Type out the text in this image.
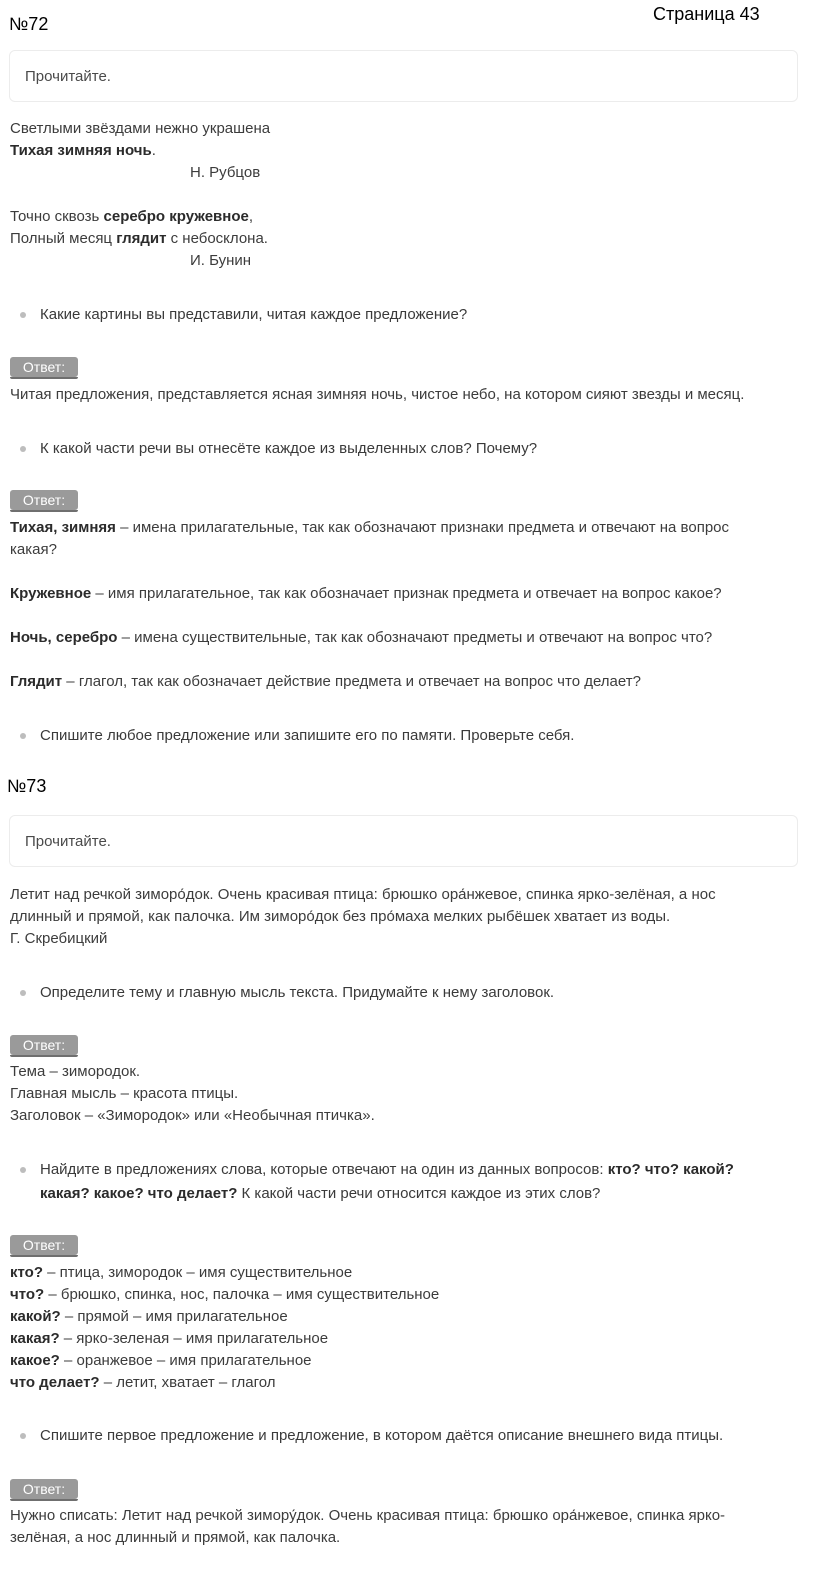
№72	Страница 43
Прочитайте.
Светлыми звёздами нежно украшена
Тихая зимняя ночь.
Н. Рубцов
Точно сквозь серебро кружевное,
Полный месяц глядит с небосклона.
И. Бунин
Какие картины вы представили, читая каждое предложение?
Ответ:
Читая предложения, представляется ясная зимняя ночь, чистое небо, на котором сияют звезды и месяц.
К какой части речи вы отнесёте каждое из выделенных слов? Почему?
Ответ:
Тихая, зимняя – имена прилагательные, так как обозначают признаки предмета и отвечают на вопрос
какая?
Кружевное – имя прилагательное, так как обозначает признак предмета и отвечает на вопрос какое?
Ночь, серебро – имена существительные, так как обозначают предметы и отвечают на вопрос что?
Глядит – глагол, так как обозначает действие предмета и отвечает на вопрос что делает?
Спишите любое предложение или запишите его по памяти. Проверьте себя.
№73
Прочитайте.
Летит над речкой зиморо́док. Очень красивая птица: брюшко ора́нжевое, спинка ярко-зелёная, а нос
длинный и прямой, как палочка. Им зиморо́док без про́маха мелких рыбёшек хватает из воды.
Г. Скребицкий
Определите тему и главную мысль текста. Придумайте к нему заголовок.
Ответ:
Тема – зимородок.
Главная мысль – красота птицы.
Заголовок – «Зимородок» или «Необычная птичка».
Найдите в предложениях слова, которые отвечают на один из данных вопросов: кто? что? какой?
какая? какое? что делает? К какой части речи относится каждое из этих слов?
Ответ:
кто? – птица, зимородок – имя существительное
что? – брюшко, спинка, нос, палочка – имя существительное
какой? – прямой – имя прилагательное
какая? – ярко-зеленая – имя прилагательное
какое? – оранжевое – имя прилагательное
что делает? – летит, хватает – глагол
Спишите первое предложение и предложение, в котором даётся описание внешнего вида птицы.
Ответ:
Нужно списать: Летит над речкой зимору́док. Очень красивая птица: брюшко ора́нжевое, спинка ярко-
зелёная, а нос длинный и прямой, как палочка.
